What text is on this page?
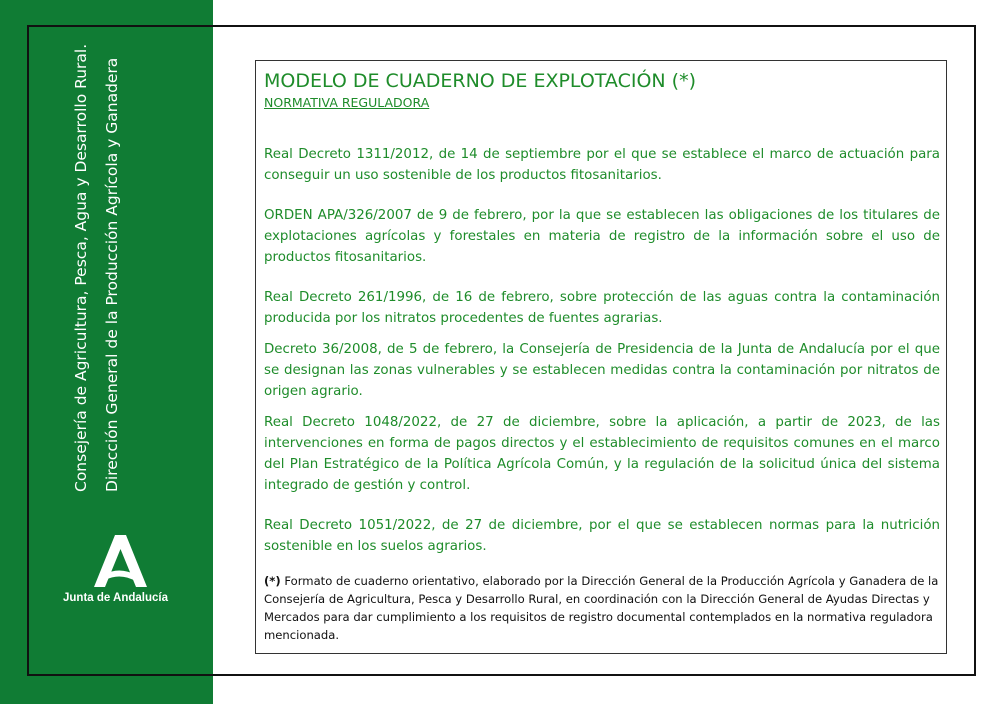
Consejería de Agricultura, Pesca, Agua y Desarrollo Rural. Dirección General de la Producción Agrícola y Ganadera
Junta de Andalucía
MODELO DE CUADERNO DE EXPLOTACIÓN (*)
NORMATIVA REGULADORA

Real Decreto 1311/2012, de 14 de septiembre por el que se establece el marco de actuación para conseguir un uso sostenible de los productos fitosanitarios.

ORDEN APA/326/2007 de 9 de febrero, por la que se establecen las obligaciones de los titulares de explotaciones agrícolas y forestales en materia de registro de la información sobre el uso de productos fitosanitarios.

Real Decreto 261/1996, de 16 de febrero, sobre protección de las aguas contra la contaminación producida por los nitratos procedentes de fuentes agrarias.

Decreto 36/2008, de 5 de febrero, la Consejería de Presidencia de la Junta de Andalucía por el que se designan las zonas vulnerables y se establecen medidas contra la contaminación por nitratos de origen agrario.

Real Decreto 1048/2022, de 27 de diciembre, sobre la aplicación, a partir de 2023, de las intervenciones en forma de pagos directos y el establecimiento de requisitos comunes en el marco del Plan Estratégico de la Política Agrícola Común, y la regulación de la solicitud única del sistema integrado de gestión y control.

Real Decreto 1051/2022, de 27 de diciembre, por el que se establecen normas para la nutrición sostenible en los suelos agrarios.

(*) Formato de cuaderno orientativo, elaborado por la Dirección General de la Producción Agrícola y Ganadera de la Consejería de Agricultura, Pesca y Desarrollo Rural, en coordinación con la Dirección General de Ayudas Directas y Mercados para dar cumplimiento a los requisitos de registro documental contemplados en la normativa reguladora mencionada.
